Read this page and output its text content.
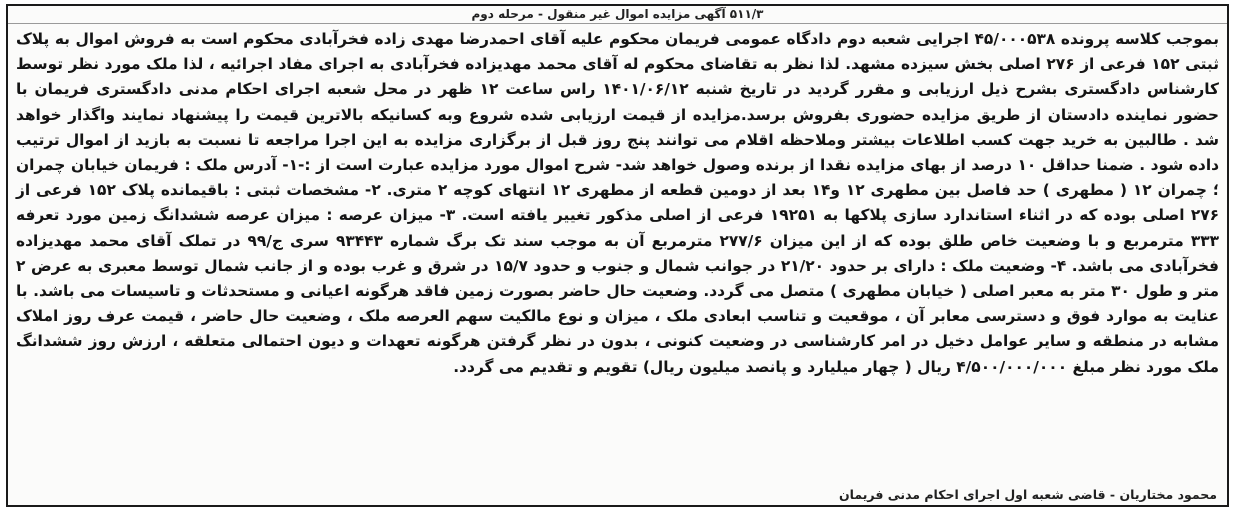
۵۱۱/۳ آگهی مزایده اموال غیر منقول - مرحله دوم
بموجب کلاسه پرونده ۴۵/۰۰۰۵۳۸ اجرایی شعبه دوم دادگاه عمومی فریمان محکوم علیه آقای احمدرضا مهدی زاده فخرآبادی محکوم است به فروش اموال به پلاک ثبتی ۱۵۲ فرعی از ۲۷۶ اصلی بخش سیزده مشهد. لذا نظر به تقاضای محکوم له آقای محمد مهدیزاده فخرآبادی به اجرای مفاد اجرائیه ، لذا ملک مورد نظر توسط کارشناس دادگستری بشرح ذیل ارزیابی و مقرر گردید در تاریخ شنبه ۱۴۰۱/۰۶/۱۲ راس ساعت ۱۲ ظهر در محل شعبه اجرای احکام مدنی دادگستری فریمان با حضور نماینده دادستان از طریق مزایده حضوری بفروش برسد.مزایده از قیمت ارزیابی شده شروع وبه کسانیکه بالاترین قیمت را پیشنهاد نمایند واگذار خواهد شد . طالبین به خرید جهت کسب اطلاعات بیشتر وملاحظه اقلام می توانند پنج روز قبل از برگزاری مزایده به این اجرا مراجعه تا نسبت به بازید از اموال ترتیب داده شود . ضمنا حداقل ۱۰ درصد از بهای مزایده نقدا از برنده وصول خواهد شد- شرح اموال مورد مزایده عبارت است از :-۱- آدرس ملک : فریمان خیابان چمران ؛ چمران ۱۲ ( مطهری ) حد فاصل بین مطهری ۱۲ و۱۴ بعد از دومین قطعه از مطهری ۱۲ انتهای کوچه ۲ متری. ۲- مشخصات ثبتی : باقیمانده پلاک ۱۵۲ فرعی از ۲۷۶ اصلی بوده که در اثناء استاندارد سازی پلاکها به ۱۹۲۵۱ فرعی از اصلی مذکور تغییر یافته است. ۳- میزان عرصه : میزان عرصه ششدانگ زمین مورد تعرفه ۳۳۳ مترمربع و با وضعیت خاص طلق بوده که از این میزان ۲۷۷/۶ مترمربع آن به موجب سند تک برگ شماره ۹۳۴۴۳ سری ج/۹۹ در تملک آقای محمد مهدیزاده فخرآبادی می باشد. ۴- وضعیت ملک : دارای بر حدود ۲۱/۲۰ در جوانب شمال و جنوب و حدود ۱۵/۷ در شرق و غرب بوده و از جانب شمال توسط معبری به عرض ۲ متر و طول ۳۰ متر به معبر اصلی ( خیابان مطهری ) متصل می گردد. وضعیت حال حاضر بصورت زمین فاقد هرگونه اعیانی و مستحدثات و تاسیسات می باشد. با عنایت به موارد فوق و دسترسی معابر آن ، موقعیت و تناسب ابعادی ملک ، میزان و نوع مالکیت سهم العرصه ملک ، وضعیت حال حاضر ، قیمت عرف روز املاک مشابه در منطقه و سایر عوامل دخیل در امر کارشناسی در وضعیت کنونی ، بدون در نظر گرفتن هرگونه تعهدات و دیون احتمالی متعلقه ، ارزش روز ششدانگ ملک مورد نظر مبلغ ۴/۵۰۰/۰۰۰/۰۰۰ ریال ( چهار میلیارد و پانصد میلیون ریال) تقویم و تقدیم می گردد.
محمود مختاریان - قاضی شعبه اول اجرای احکام مدنی فریمان
